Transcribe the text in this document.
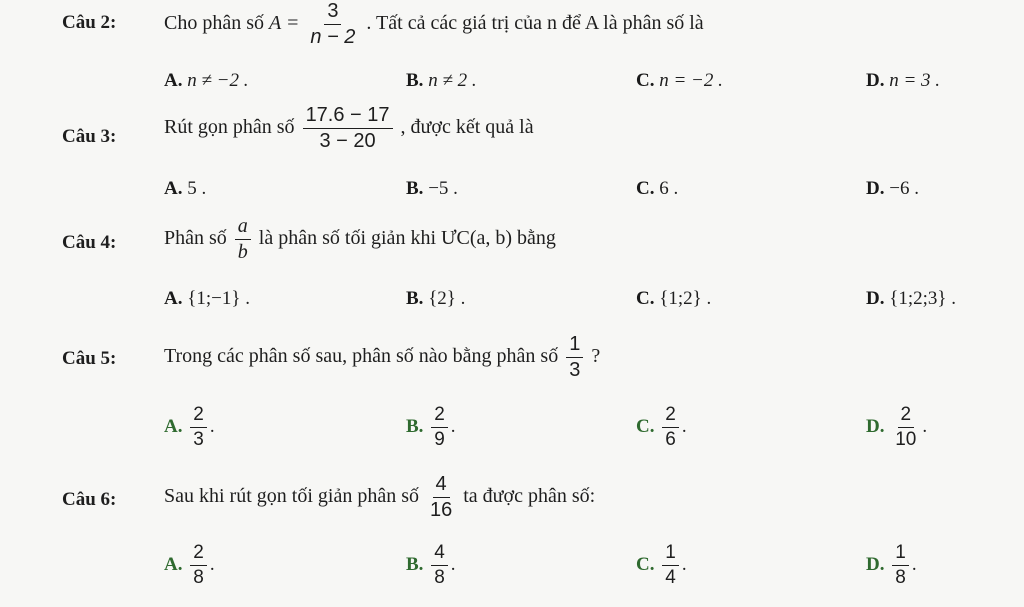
Câu 2: Cho phân số $A = \frac{3}{n - 2}$ . Tất cả các giá trị của n để A là phân số là
A. n ≠ −2 .	B. n ≠ 2 .	C. n = −2 .	D. n = 3 .
Câu 3: Rút gọn phân số $\frac{17.6 - 17}{3 - 20}$ , được kết quả là
A. 5 .	B. −5 .	C. 6 .	D. −6 .
Câu 4: Phân số $\frac{a}{b}$ là phân số tối giản khi ƯC(a, b) bằng
A. {1;−1} .	B. {2} .	C. {1;2} .	D. {1;2;3} .
Câu 5: Trong các phân số sau, phân số nào bằng phân số $\frac{1}{3}$ ?
A. $\frac{2}{3}$ .	B. $\frac{2}{9}$ .	C. $\frac{2}{6}$ .	D. $\frac{2}{10}$ .
Câu 6: Sau khi rút gọn tối giản phân số $\frac{4}{16}$ ta được phân số:
A. $\frac{2}{8}$ .	B. $\frac{4}{8}$ .	C. $\frac{1}{4}$ .	D. $\frac{1}{8}$ .
